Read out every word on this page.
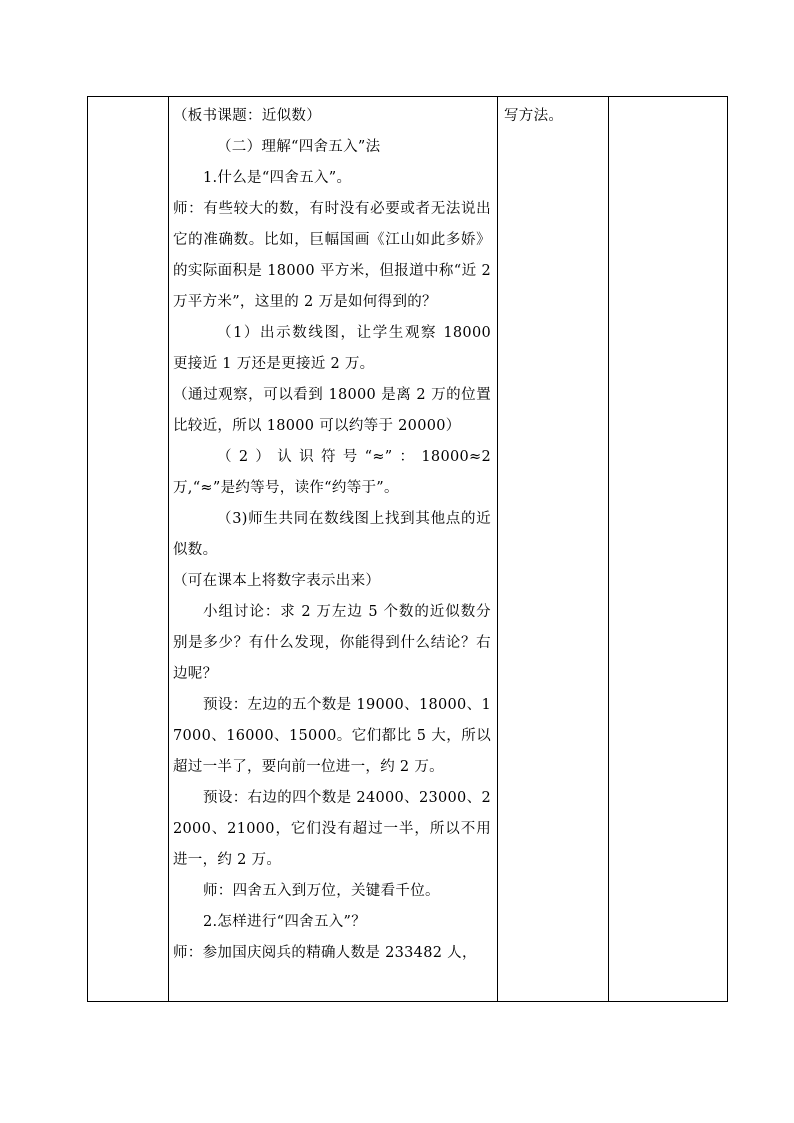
（板书课题：近似数）

（二）理解“四舍五入”法

1.什么是“四舍五入”。

师：有些较大的数，有时没有必要或者无法说出它的准确数。比如，巨幅国画《江山如此多娇》的实际面积是 18000 平方米，但报道中称“近 2 万平方米”，这里的 2 万是如何得到的？

（1）出示数线图，让学生观察 18000 更接近 1 万还是更接近 2 万。

（通过观察，可以看到 18000 是离 2 万的位置比较近，所以 18000 可以约等于 20000）

（2）认识符号“≈”：18000≈2 万,“≈”是约等号，读作“约等于”。

（3)师生共同在数线图上找到其他点的近似数。

（可在课本上将数字表示出来）

小组讨论：求 2 万左边 5 个数的近似数分别是多少？有什么发现，你能得到什么结论？右边呢？

预设：左边的五个数是 19000、18000、17000、16000、15000。它们都比 5 大，所以超过一半了，要向前一位进一，约 2 万。

预设：右边的四个数是 24000、23000、22000、21000，它们没有超过一半，所以不用进一，约 2 万。

师：四舍五入到万位，关键看千位。

2.怎样进行“四舍五入”？

师：参加国庆阅兵的精确人数是 233482 人，

写方法。
